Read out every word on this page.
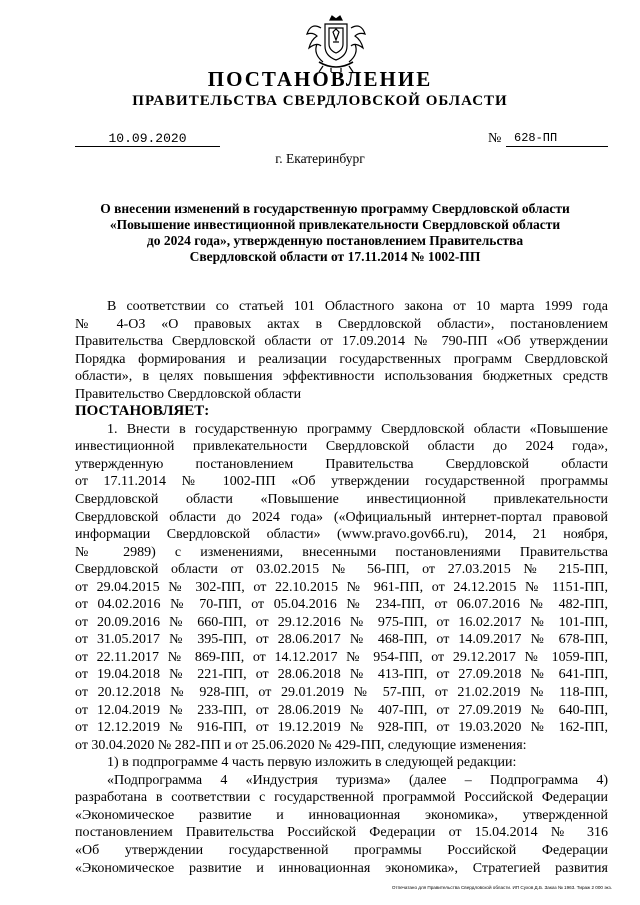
ПОСТАНОВЛЕНИЕ
ПРАВИТЕЛЬСТВА СВЕРДЛОВСКОЙ ОБЛАСТИ
10.09.2020	№	628-ПП
г. Екатеринбург
О внесении изменений в государственную программу Свердловской области
«Повышение инвестиционной привлекательности Свердловской области
до 2024 года», утвержденную постановлением Правительства
Свердловской области от 17.11.2014 № 1002-ПП
В соответствии со статьей 101 Областного закона от 10 марта 1999 года
№ 4-ОЗ «О правовых актах в Свердловской области», постановлением
Правительства Свердловской области от 17.09.2014 № 790-ПП «Об утверждении
Порядка формирования и реализации государственных программ Свердловской
области», в целях повышения эффективности использования бюджетных средств
Правительство Свердловской области
ПОСТАНОВЛЯЕТ:
1. Внести в государственную программу Свердловской области «Повышение
инвестиционной привлекательности Свердловской области до 2024 года»,
утвержденную постановлением Правительства Свердловской области
от 17.11.2014 № 1002-ПП «Об утверждении государственной программы
Свердловской области «Повышение инвестиционной привлекательности
Свердловской области до 2024 года» («Официальный интернет-портал правовой
информации Свердловской области» (www.pravo.gov66.ru), 2014, 21 ноября,
№ 2989) с изменениями, внесенными постановлениями Правительства
Свердловской области от 03.02.2015 № 56-ПП, от 27.03.2015 № 215-ПП,
от 29.04.2015 № 302-ПП, от 22.10.2015 № 961-ПП, от 24.12.2015 № 1151-ПП,
от 04.02.2016 № 70-ПП, от 05.04.2016 № 234-ПП, от 06.07.2016 № 482-ПП,
от 20.09.2016 № 660-ПП, от 29.12.2016 № 975-ПП, от 16.02.2017 № 101-ПП,
от 31.05.2017 № 395-ПП, от 28.06.2017 № 468-ПП, от 14.09.2017 № 678-ПП,
от 22.11.2017 № 869-ПП, от 14.12.2017 № 954-ПП, от 29.12.2017 № 1059-ПП,
от 19.04.2018 № 221-ПП, от 28.06.2018 № 413-ПП, от 27.09.2018 № 641-ПП,
от 20.12.2018 № 928-ПП, от 29.01.2019 № 57-ПП, от 21.02.2019 № 118-ПП,
от 12.04.2019 № 233-ПП, от 28.06.2019 № 407-ПП, от 27.09.2019 № 640-ПП,
от 12.12.2019 № 916-ПП, от 19.12.2019 № 928-ПП, от 19.03.2020 № 162-ПП,
от 30.04.2020 № 282-ПП и от 25.06.2020 № 429-ПП, следующие изменения:
1) в подпрограмме 4 часть первую изложить в следующей редакции:
«Подпрограмма 4 «Индустрия туризма» (далее – Подпрограмма 4)
разработана в соответствии с государственной программой Российской Федерации
«Экономическое развитие и инновационная экономика», утвержденной
постановлением Правительства Российской Федерации от 15.04.2014 № 316
«Об утверждении государственной программы Российской Федерации
«Экономическое развитие и инновационная экономика», Стратегией развития
Отпечатано для Правительства Свердловской области. ИП Сухов Д.Б. Заказ № 1963. Тираж 2 000 экз.
